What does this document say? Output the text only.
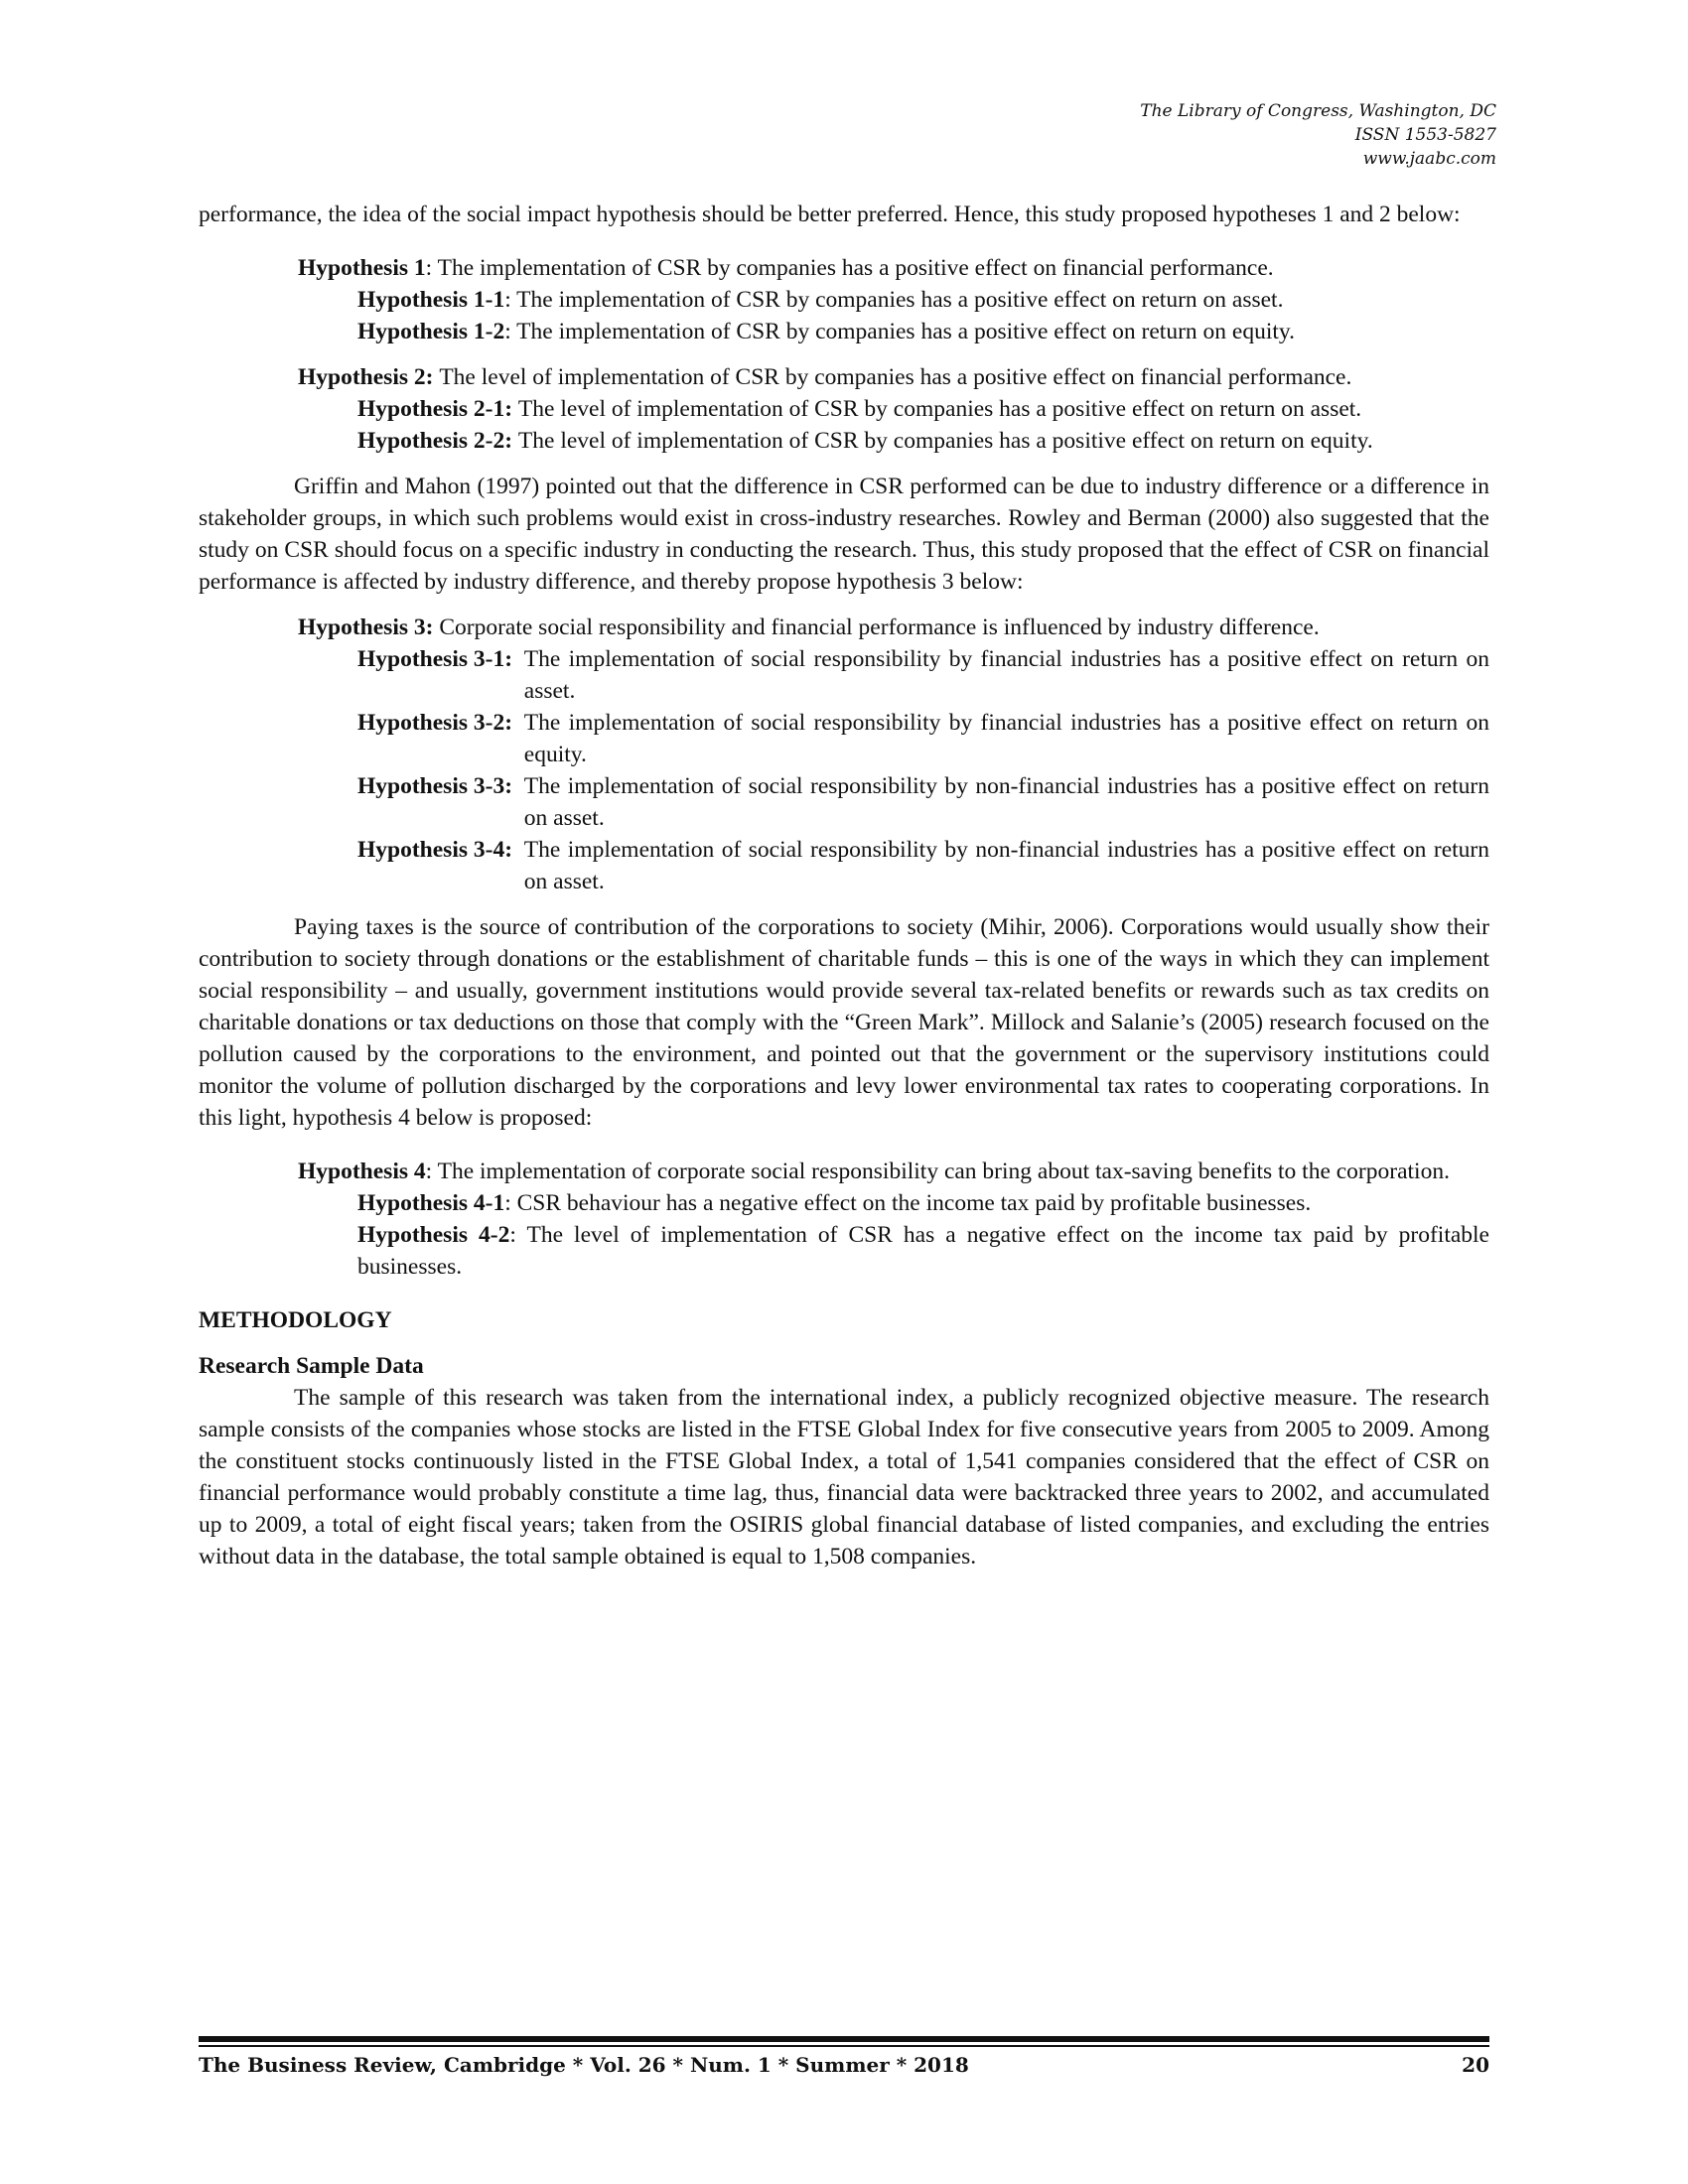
The Library of Congress, Washington, DC
ISSN 1553-5827
www.jaabc.com

performance, the idea of the social impact hypothesis should be better preferred. Hence, this study proposed hypotheses 1 and 2 below:

Hypothesis 1: The implementation of CSR by companies has a positive effect on financial performance.
Hypothesis 1-1: The implementation of CSR by companies has a positive effect on return on asset.
Hypothesis 1-2: The implementation of CSR by companies has a positive effect on return on equity.
Hypothesis 2: The level of implementation of CSR by companies has a positive effect on financial performance.
Hypothesis 2-1: The level of implementation of CSR by companies has a positive effect on return on asset.
Hypothesis 2-2: The level of implementation of CSR by companies has a positive effect on return on equity.

Griffin and Mahon (1997) pointed out that the difference in CSR performed can be due to industry difference or a difference in stakeholder groups, in which such problems would exist in cross-industry researches. Rowley and Berman (2000) also suggested that the study on CSR should focus on a specific industry in conducting the research. Thus, this study proposed that the effect of CSR on financial performance is affected by industry difference, and thereby propose hypothesis 3 below:

Hypothesis 3: Corporate social responsibility and financial performance is influenced by industry difference.
Hypothesis 3-1: The implementation of social responsibility by financial industries has a positive effect on return on asset.
Hypothesis 3-2: The implementation of social responsibility by financial industries has a positive effect on return on equity.
Hypothesis 3-3: The implementation of social responsibility by non-financial industries has a positive effect on return on asset.
Hypothesis 3-4: The implementation of social responsibility by non-financial industries has a positive effect on return on asset.

Paying taxes is the source of contribution of the corporations to society (Mihir, 2006). Corporations would usually show their contribution to society through donations or the establishment of charitable funds – this is one of the ways in which they can implement social responsibility – and usually, government institutions would provide several tax-related benefits or rewards such as tax credits on charitable donations or tax deductions on those that comply with the “Green Mark”. Millock and Salanie’s (2005) research focused on the pollution caused by the corporations to the environment, and pointed out that the government or the supervisory institutions could monitor the volume of pollution discharged by the corporations and levy lower environmental tax rates to cooperating corporations. In this light, hypothesis 4 below is proposed:

Hypothesis 4: The implementation of corporate social responsibility can bring about tax-saving benefits to the corporation.
Hypothesis 4-1: CSR behaviour has a negative effect on the income tax paid by profitable businesses.
Hypothesis 4-2: The level of implementation of CSR has a negative effect on the income tax paid by profitable businesses.

METHODOLOGY

Research Sample Data

The sample of this research was taken from the international index, a publicly recognized objective measure. The research sample consists of the companies whose stocks are listed in the FTSE Global Index for five consecutive years from 2005 to 2009. Among the constituent stocks continuously listed in the FTSE Global Index, a total of 1,541 companies considered that the effect of CSR on financial performance would probably constitute a time lag, thus, financial data were backtracked three years to 2002, and accumulated up to 2009, a total of eight fiscal years; taken from the OSIRIS global financial database of listed companies, and excluding the entries without data in the database, the total sample obtained is equal to 1,508 companies.

The Business Review, Cambridge * Vol. 26 * Num. 1 * Summer * 2018	20
